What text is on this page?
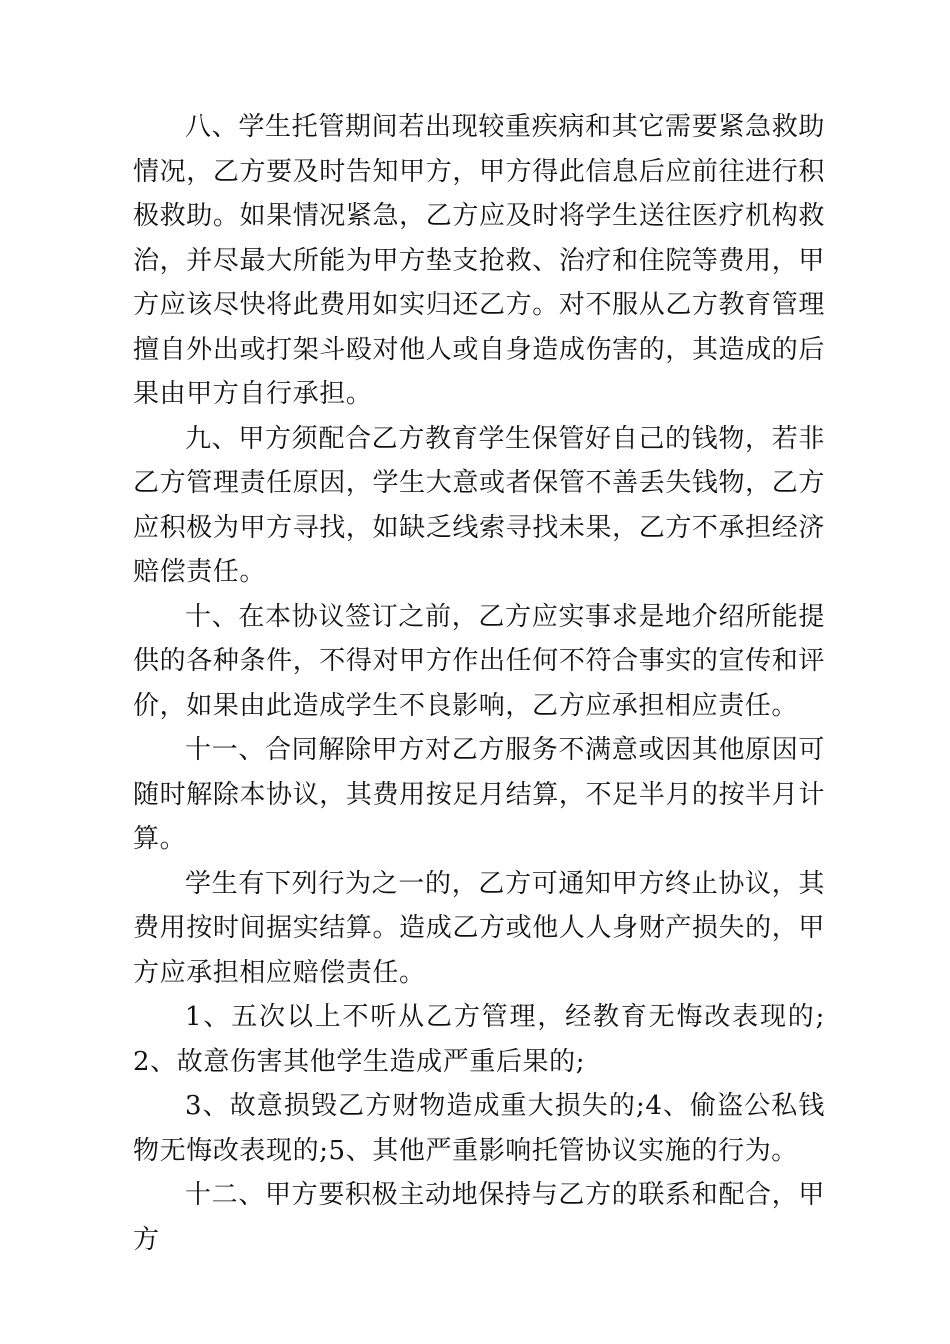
八、学生托管期间若出现较重疾病和其它需要紧急救助情况，乙方要及时告知甲方，甲方得此信息后应前往进行积极救助。如果情况紧急，乙方应及时将学生送往医疗机构救治，并尽最大所能为甲方垫支抢救、治疗和住院等费用，甲方应该尽快将此费用如实归还乙方。对不服从乙方教育管理擅自外出或打架斗殴对他人或自身造成伤害的，其造成的后果由甲方自行承担。

九、甲方须配合乙方教育学生保管好自己的钱物，若非乙方管理责任原因，学生大意或者保管不善丢失钱物，乙方应积极为甲方寻找，如缺乏线索寻找未果，乙方不承担经济赔偿责任。

十、在本协议签订之前，乙方应实事求是地介绍所能提供的各种条件，不得对甲方作出任何不符合事实的宣传和评价，如果由此造成学生不良影响，乙方应承担相应责任。

十一、合同解除甲方对乙方服务不满意或因其他原因可随时解除本协议，其费用按足月结算，不足半月的按半月计算。

学生有下列行为之一的，乙方可通知甲方终止协议，其费用按时间据实结算。造成乙方或他人人身财产损失的，甲方应承担相应赔偿责任。

1、五次以上不听从乙方管理，经教育无悔改表现的;2、故意伤害其他学生造成严重后果的;

3、故意损毁乙方财物造成重大损失的;4、偷盗公私钱物无悔改表现的;5、其他严重影响托管协议实施的行为。

十二、甲方要积极主动地保持与乙方的联系和配合，甲方
